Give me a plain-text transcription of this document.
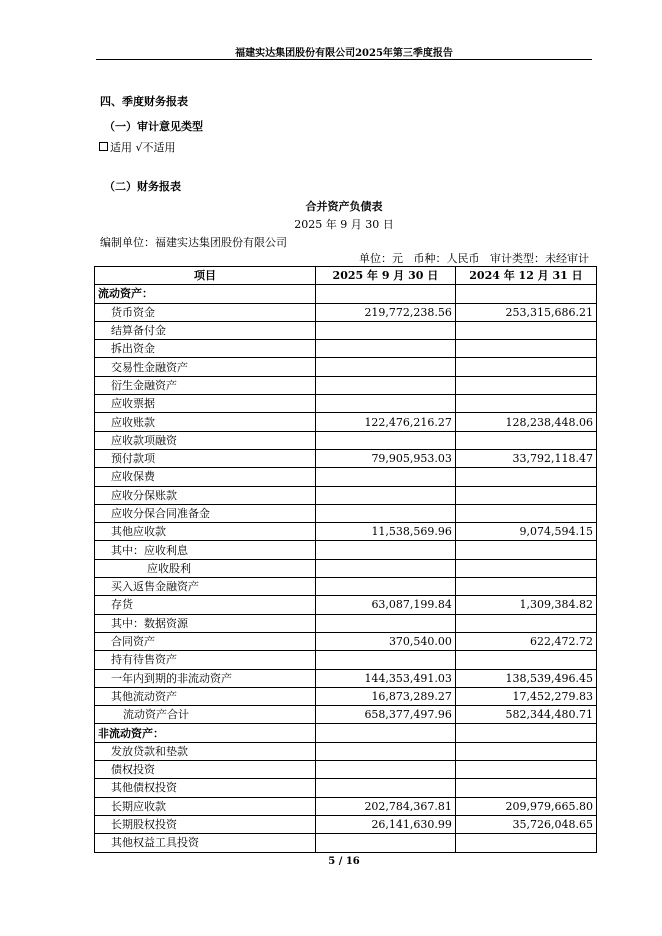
福建实达集团股份有限公司2025年第三季度报告
四、季度财务报表
（一）审计意见类型
适用 √不适用
（二）财务报表
合并资产负债表
2025 年 9 月 30 日
编制单位：福建实达集团股份有限公司
单位：元   币种：人民币   审计类型：未经审计
项目	2025 年 9 月 30 日	2024 年 12 月 31 日
流动资产：		
货币资金	219,772,238.56	253,315,686.21
结算备付金		
拆出资金		
交易性金融资产		
衍生金融资产		
应收票据		
应收账款	122,476,216.27	128,238,448.06
应收款项融资		
预付款项	79,905,953.03	33,792,118.47
应收保费		
应收分保账款		
应收分保合同准备金		
其他应收款	11,538,569.96	9,074,594.15
其中：应收利息		
应收股利		
买入返售金融资产		
存货	63,087,199.84	1,309,384.82
其中：数据资源		
合同资产	370,540.00	622,472.72
持有待售资产		
一年内到期的非流动资产	144,353,491.03	138,539,496.45
其他流动资产	16,873,289.27	17,452,279.83
流动资产合计	658,377,497.96	582,344,480.71
非流动资产：		
发放贷款和垫款		
债权投资		
其他债权投资		
长期应收款	202,784,367.81	209,979,665.80
长期股权投资	26,141,630.99	35,726,048.65
其他权益工具投资		
5 / 16
